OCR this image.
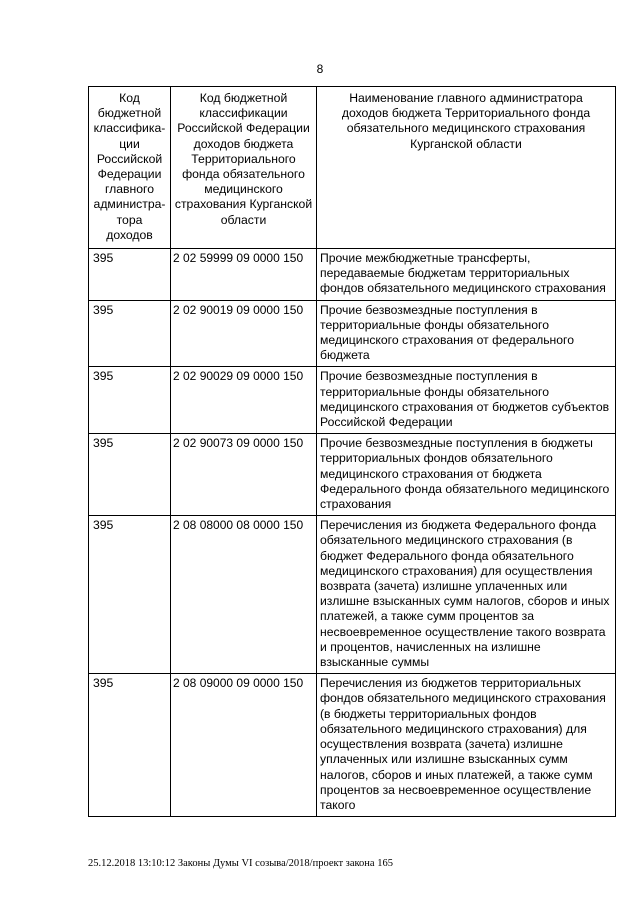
8
Код бюджетной классифика-ции Российской Федерации главного администра-тора доходов	Код бюджетной классификации Российской Федерации доходов бюджета Территориального фонда обязательного медицинского страхования Курганской области	Наименование главного администратора доходов бюджета Территориального фонда обязательного медицинского страхования Курганской области
395	2 02 59999 09 0000 150	Прочие межбюджетные трансферты, передаваемые бюджетам территориальных фондов обязательного медицинского страхования
395	2 02 90019 09 0000 150	Прочие безвозмездные поступления в территориальные фонды обязательного медицинского страхования от федерального бюджета
395	2 02 90029 09 0000 150	Прочие безвозмездные поступления в территориальные фонды обязательного медицинского страхования от бюджетов субъектов Российской Федерации
395	2 02 90073 09 0000 150	Прочие безвозмездные поступления в бюджеты территориальных фондов обязательного медицинского страхования от бюджета Федерального фонда обязательного медицинского страхования
395	2 08 08000 08 0000 150	Перечисления из бюджета Федерального фонда обязательного медицинского страхования (в бюджет Федерального фонда обязательного медицинского страхования) для осуществления возврата (зачета) излишне уплаченных или излишне взысканных сумм налогов, сборов и иных платежей, а также сумм процентов за несвоевременное осуществление такого возврата и процентов, начисленных на излишне взысканные суммы
395	2 08 09000 09 0000 150	Перечисления из бюджетов территориальных фондов обязательного медицинского страхования (в бюджеты территориальных фондов обязательного медицинского страхования) для осуществления возврата (зачета) излишне уплаченных или излишне взысканных сумм налогов, сборов и иных платежей, а также сумм процентов за несвоевременное осуществление такого
25.12.2018 13:10:12 Законы Думы VI созыва/2018/проект закона 165
